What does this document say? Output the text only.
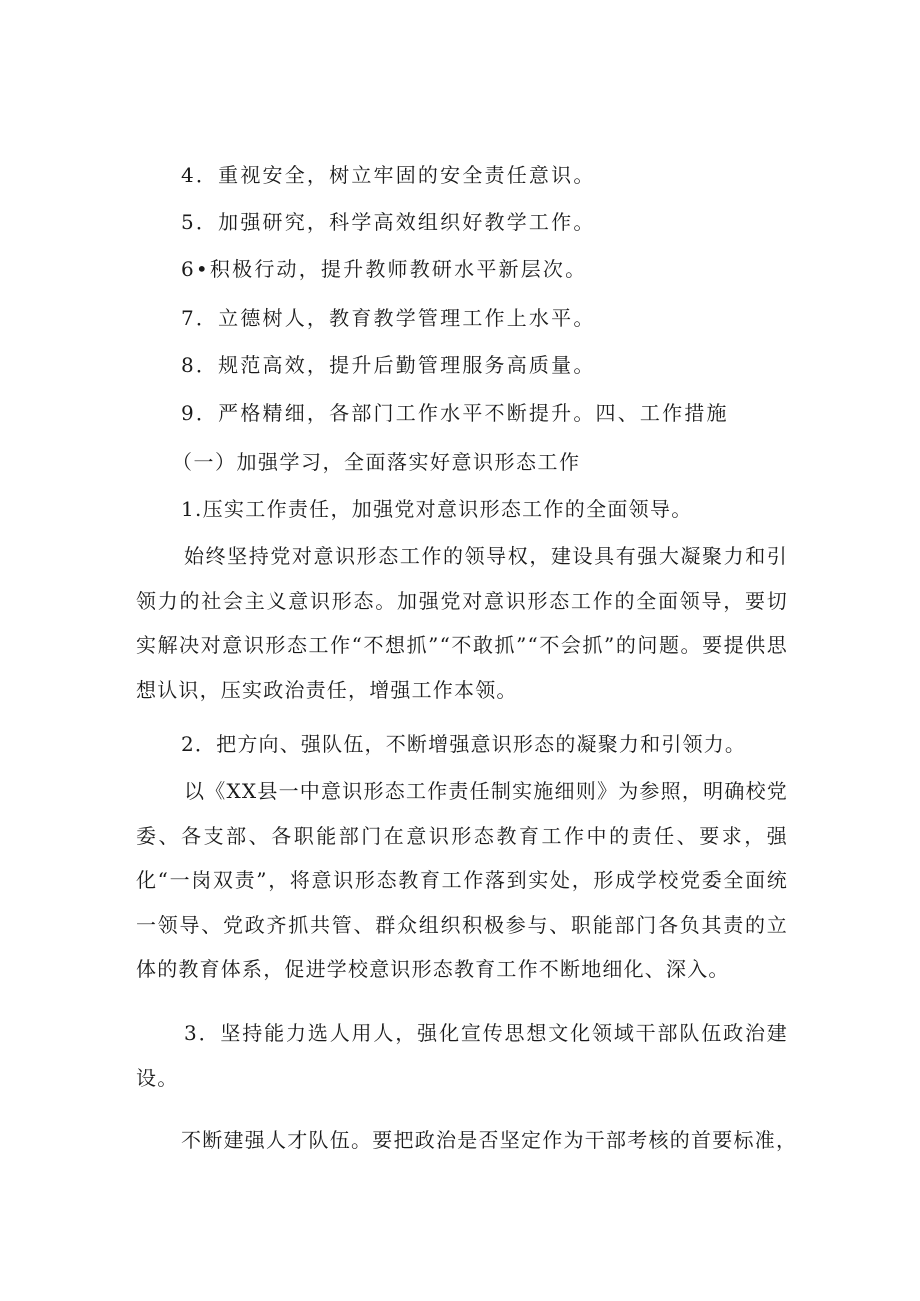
4．重视安全，树立牢固的安全责任意识。
5．加强研究，科学高效组织好教学工作。
6•积极行动，提升教师教研水平新层次。
7．立德树人，教育教学管理工作上水平。
8．规范高效，提升后勤管理服务高质量。
9．严格精细，各部门工作水平不断提升。四、工作措施
（一）加强学习，全面落实好意识形态工作
1.压实工作责任，加强党对意识形态工作的全面领导。
始终坚持党对意识形态工作的领导权，建设具有强大凝聚力和引领力的社会主义意识形态。加强党对意识形态工作的全面领导，要切实解决对意识形态工作“不想抓”“不敢抓”“不会抓”的问题。要提供思想认识，压实政治责任，增强工作本领。
2．把方向、强队伍，不断增强意识形态的凝聚力和引领力。
以《XX县一中意识形态工作责任制实施细则》为参照，明确校党委、各支部、各职能部门在意识形态教育工作中的责任、要求，强化“一岗双责”，将意识形态教育工作落到实处，形成学校党委全面统一领导、党政齐抓共管、群众组织积极参与、职能部门各负其责的立体的教育体系，促进学校意识形态教育工作不断地细化、深入。
3．坚持能力选人用人，强化宣传思想文化领域干部队伍政治建设。
不断建强人才队伍。要把政治是否坚定作为干部考核的首要标准，
